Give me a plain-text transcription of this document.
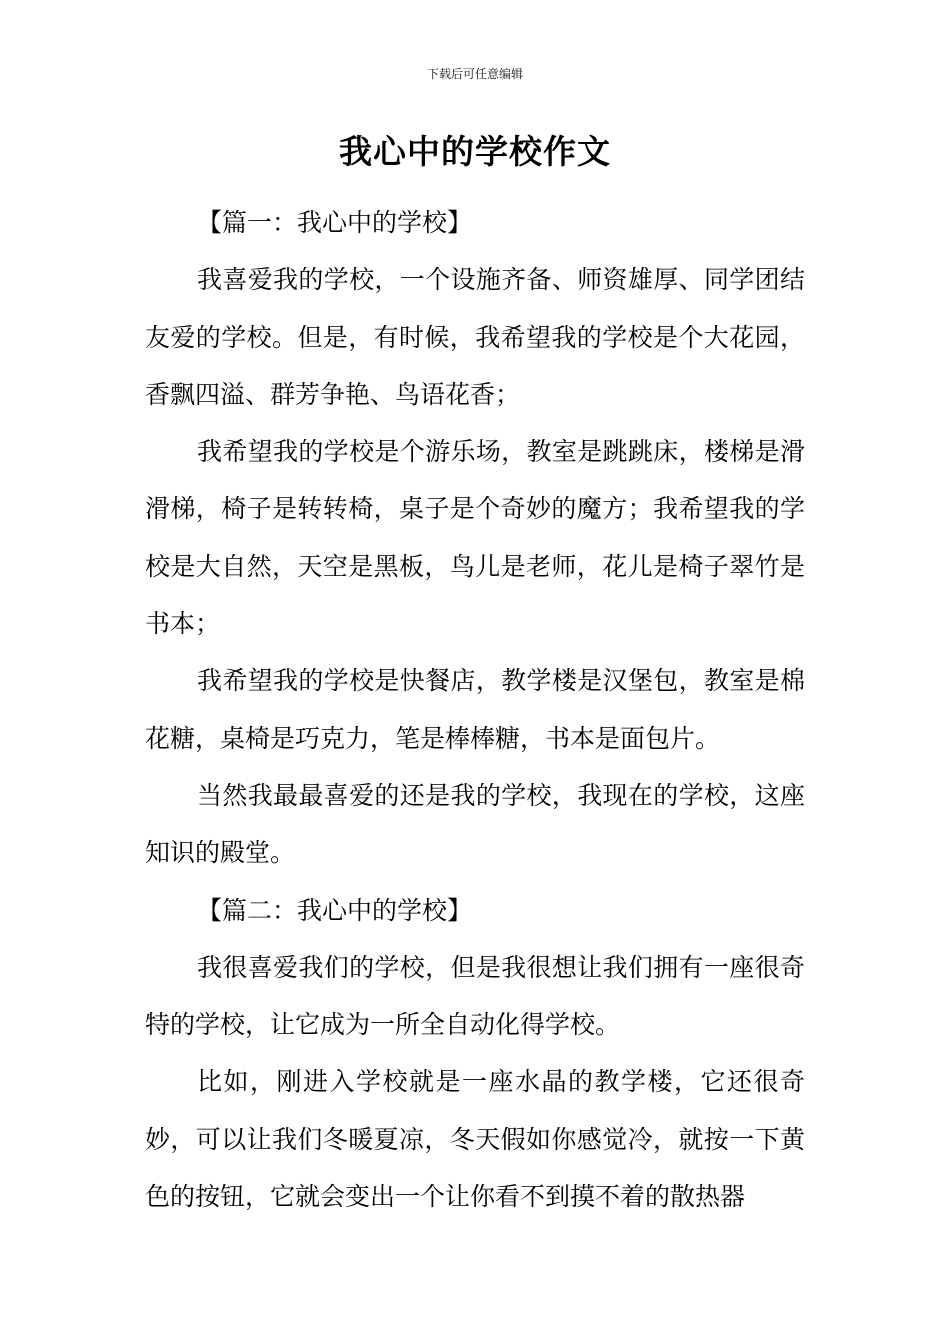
下载后可任意编辑
我心中的学校作文

【篇一：我心中的学校】

我喜爱我的学校，一个设施齐备、师资雄厚、同学团结友爱的学校。但是，有时候，我希望我的学校是个大花园，香飘四溢、群芳争艳、鸟语花香；

我希望我的学校是个游乐场，教室是跳跳床，楼梯是滑滑梯，椅子是转转椅，桌子是个奇妙的魔方；我希望我的学校是大自然，天空是黑板，鸟儿是老师，花儿是椅子翠竹是书本；

我希望我的学校是快餐店，教学楼是汉堡包，教室是棉花糖，桌椅是巧克力，笔是棒棒糖，书本是面包片。

当然我最最喜爱的还是我的学校，我现在的学校，这座知识的殿堂。

【篇二：我心中的学校】

我很喜爱我们的学校，但是我很想让我们拥有一座很奇特的学校，让它成为一所全自动化得学校。

比如，刚进入学校就是一座水晶的教学楼，它还很奇妙，可以让我们冬暖夏凉，冬天假如你感觉冷，就按一下黄色的按钮，它就会变出一个让你看不到摸不着的散热器
